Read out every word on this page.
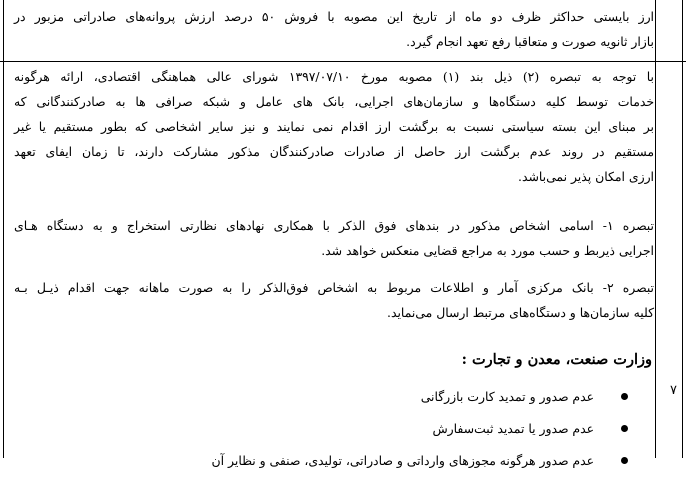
ارز بایستی حداکثر ظرف دو ماه از تاریخ این مصوبه با فروش ۵۰ درصد ارزش پروانه‌های صادراتی مزبور در
بازار ثانویه صورت و متعاقبا رفع تعهد انجام گیرد.
با توجه به تبصره (۲) ذیل بند (۱) مصوبه مورخ ۱۳۹۷/۰۷/۱۰ شورای عالی هماهنگی اقتصادی، ارائه هرگونه
خدمات توسط کلیه دستگاه‌ها و سازمان‌های اجرایی، بانک های عامل و شبکه صرافی ها به صادرکنندگانی که
بر مبنای این بسته سیاستی نسبت به برگشت ارز اقدام نمی نمایند و نیز سایر اشخاصی که بطور مستقیم یا غیر
مستقیم در روند عدم برگشت ارز حاصل از صادرات صادرکنندگان مذکور مشارکت دارند، تا زمان ایفای تعهد
ارزی امکان پذیر نمی‌باشد.
تبصره ۱- اسامی اشخاص مذکور در بندهای فوق الذکر با همکاری نهادهای نظارتی استخراج و به دستگاه هـای
اجرایی ذیربط و حسب مورد به مراجع قضایی منعکس خواهد شد.
تبصره ۲- بانک مرکزی آمار و اطلاعات مربوط به اشخاص فوق‌الذکر را به صورت ماهانه جهت اقدام ذیـل بـه
کلیه سازمان‌ها و دستگاه‌های مرتبط ارسال می‌نماید.
وزارت صنعت، معدن و تجارت :
۷
عدم صدور و تمدید کارت بازرگانی
عدم صدور یا تمدید ثبت‌سفارش
عدم صدور هرگونه مجوزهای وارداتی و صادراتی، تولیدی، صنفی و نظایر آن
